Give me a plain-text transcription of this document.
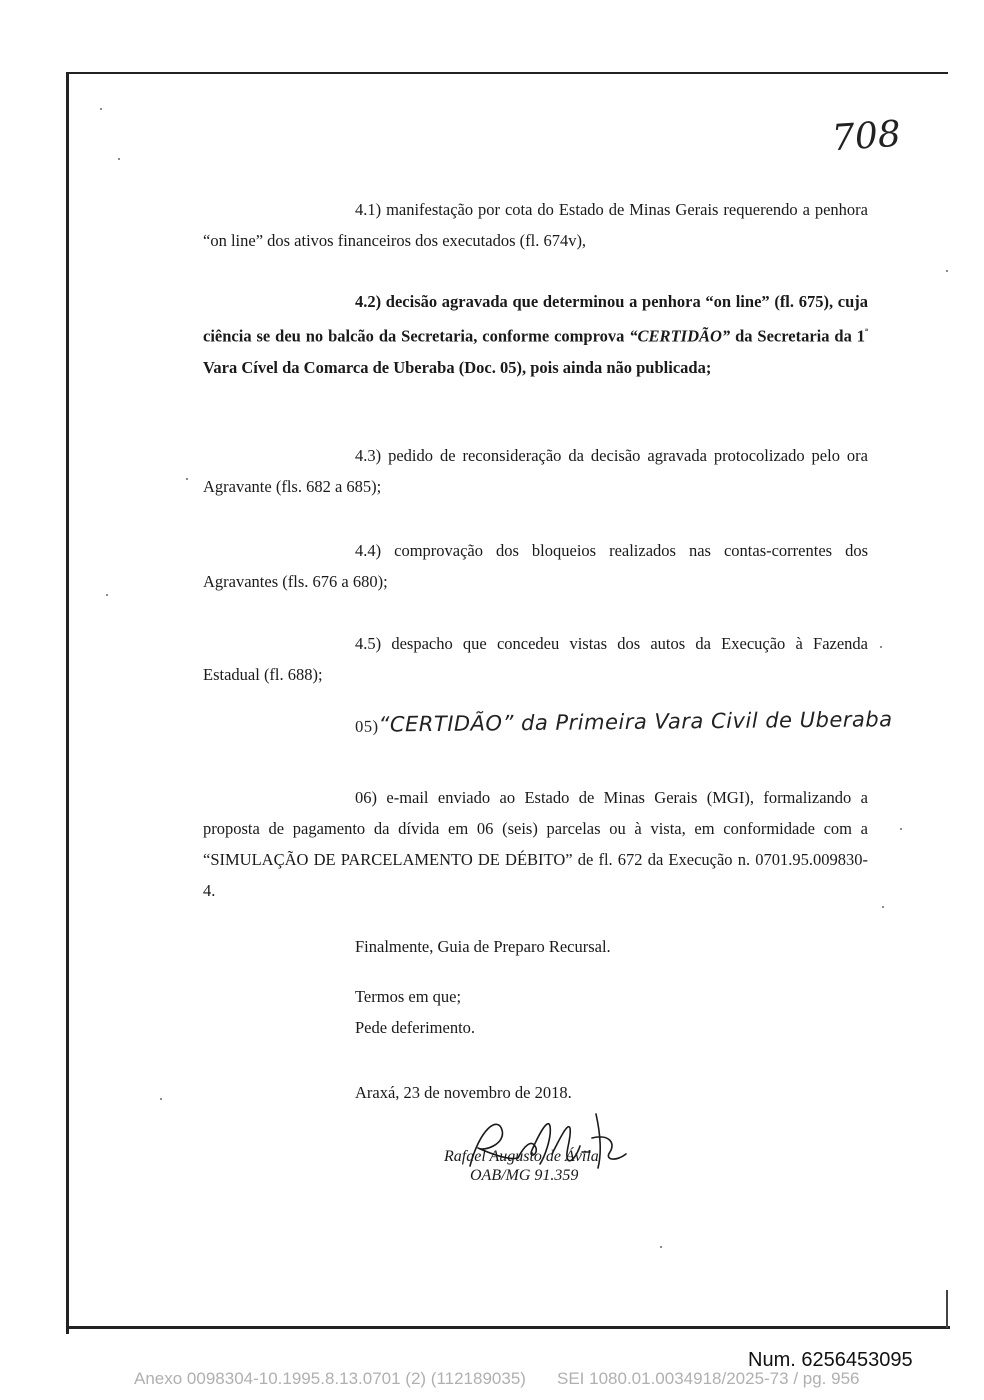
708

4.1) manifestação por cota do Estado de Minas Gerais requerendo a penhora “on line” dos ativos financeiros dos executados (fl. 674v),

4.2) decisão agravada que determinou a penhora “on line” (fl. 675), cuja ciência se deu no balcão da Secretaria, conforme comprova “CERTIDÃO” da Secretaria da $1^ª$ Vara Cível da Comarca de Uberaba (Doc. 05), pois ainda não publicada;

4.3) pedido de reconsideração da decisão agravada protocolizado pelo ora Agravante (fls. 682 a 685);

4.4) comprovação dos bloqueios realizados nas contas-correntes dos Agravantes (fls. 676 a 680);

4.5) despacho que concedeu vistas dos autos da Execução à Fazenda Estadual (fl. 688);

05)“CERTIDÃO” da Primeira Vara Civil de Uberaba

06) e-mail enviado ao Estado de Minas Gerais (MGI), formalizando a proposta de pagamento da dívida em 06 (seis) parcelas ou à vista, em conformidade com a “SIMULAÇÃO DE PARCELAMENTO DE DÉBITO” de fl. 672 da Execução n. 0701.95.009830-4.

Finalmente, Guia de Preparo Recursal.
Termos em que;
Pede deferimento.
Araxá, 23 de novembro de 2018.
Rafael Augusto de Ávila
OAB/MG 91.359
Num. 6256453095
Anexo 0098304-10.1995.8.13.0701 (2) (112189035) SEI 1080.01.0034918/2025-73 / pg. 956
